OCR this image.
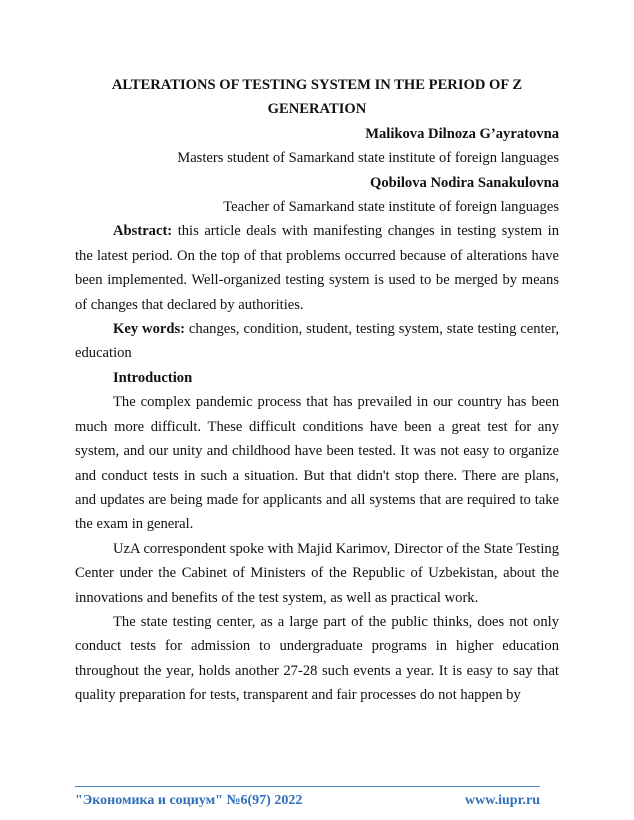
ALTERATIONS OF TESTING SYSTEM IN THE PERIOD OF Z GENERATION

Malikova Dilnoza G’ayratovna

Masters student of Samarkand state institute of foreign languages

Qobilova Nodira Sanakulovna

Teacher of Samarkand state institute of foreign languages

Abstract: this article deals with manifesting changes in testing system in the latest period. On the top of that problems occurred because of alterations have been implemented. Well-organized testing system is used to be merged by means of changes that declared by authorities.

Key words: changes, condition, student, testing system, state testing center, education

Introduction

The complex pandemic process that has prevailed in our country has been much more difficult. These difficult conditions have been a great test for any system, and our unity and childhood have been tested. It was not easy to organize and conduct tests in such a situation. But that didn't stop there. There are plans, and updates are being made for applicants and all systems that are required to take the exam in general.

UzA correspondent spoke with Majid Karimov, Director of the State Testing Center under the Cabinet of Ministers of the Republic of Uzbekistan, about the innovations and benefits of the test system, as well as practical work.

The state testing center, as a large part of the public thinks, does not only conduct tests for admission to undergraduate programs in higher education throughout the year, holds another 27-28 such events a year. It is easy to say that quality preparation for tests, transparent and fair processes do not happen by

"Экономика и социум" №6(97) 2022	www.iupr.ru
